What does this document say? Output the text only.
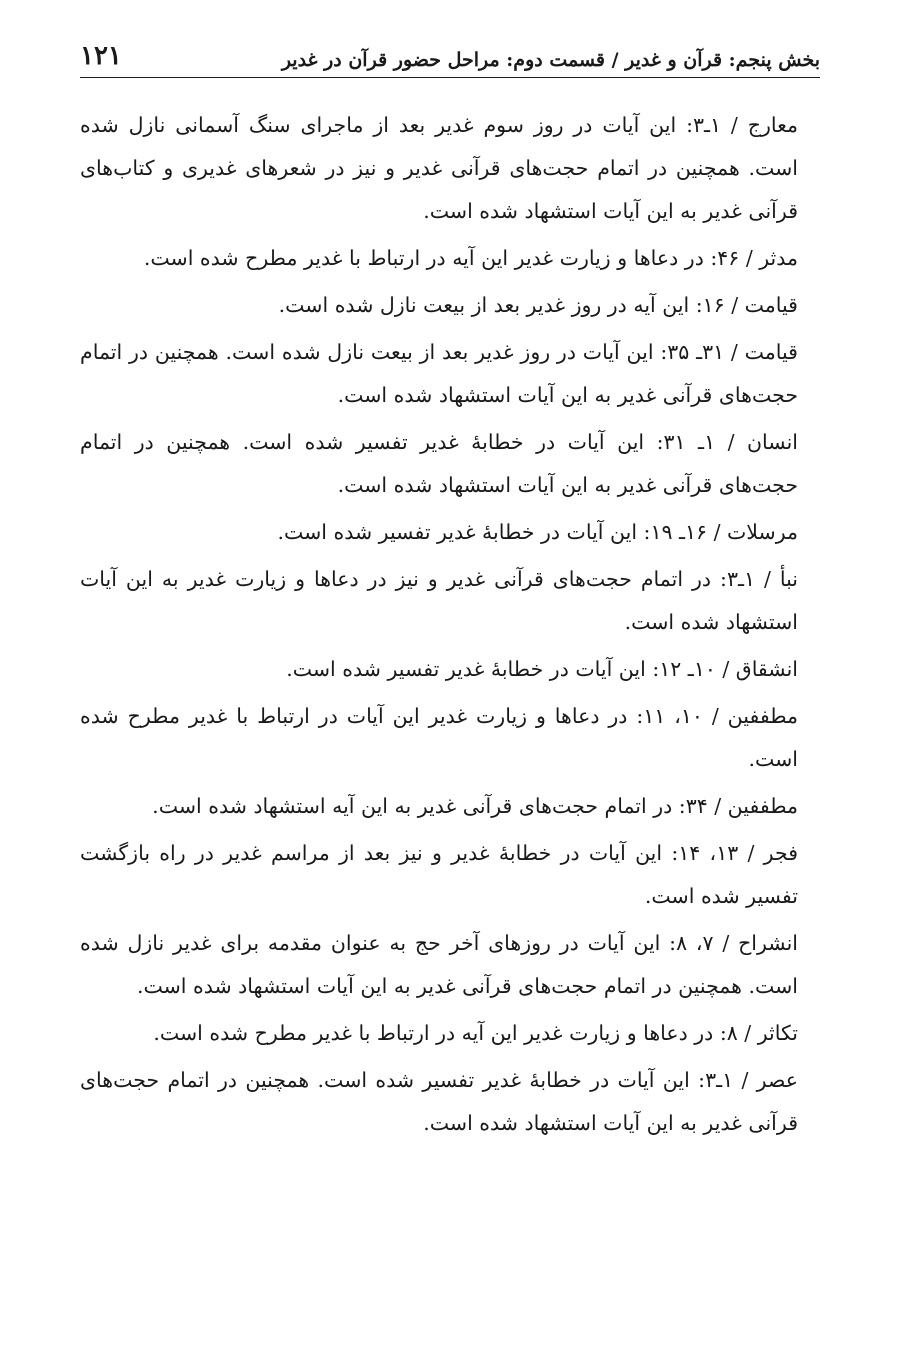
بخش پنجم: قرآن و غدیر / قسمت دوم: مراحل حضور قرآن در غدیر
۱۲۱

معارج / ۱ـ۳: این آیات در روز سوم غدیر بعد از ماجرای سنگ آسمانی نازل شده است. همچنین در اتمام حجت‌های قرآنی غدیر و نیز در شعرهای غدیری و کتاب‌های قرآنی غدیر به این آیات استشهاد شده است.

مدثر / ۴۶: در دعاها و زیارت غدیر این آیه در ارتباط با غدیر مطرح شده است.

قیامت / ۱۶: این آیه در روز غدیر بعد از بیعت نازل شده است.

قیامت / ۳۱ـ ۳۵: این آیات در روز غدیر بعد از بیعت نازل شده است. همچنین در اتمام حجت‌های قرآنی غدیر به این آیات استشهاد شده است.

انسان / ۱ـ ۳۱: این آیات در خطابهٔ غدیر تفسیر شده است. همچنین در اتمام حجت‌های قرآنی غدیر به این آیات استشهاد شده است.

مرسلات / ۱۶ـ ۱۹: این آیات در خطابهٔ غدیر تفسیر شده است.

نبأ / ۱ـ۳: در اتمام حجت‌های قرآنی غدیر و نیز در دعاها و زیارت غدیر به این آیات استشهاد شده است.

انشقاق / ۱۰ـ ۱۲: این آیات در خطابهٔ غدیر تفسیر شده است.

مطففین / ۱۰، ۱۱: در دعاها و زیارت غدیر این آیات در ارتباط با غدیر مطرح شده است.

مطففین / ۳۴: در اتمام حجت‌های قرآنی غدیر به این آیه استشهاد شده است.

فجر / ۱۳، ۱۴: این آیات در خطابهٔ غدیر و نیز بعد از مراسم غدیر در راه بازگشت تفسیر شده است.

انشراح / ۷، ۸: این آیات در روزهای آخر حج به عنوان مقدمه برای غدیر نازل شده است. همچنین در اتمام حجت‌های قرآنی غدیر به این آیات استشهاد شده است.

تکاثر / ۸: در دعاها و زیارت غدیر این آیه در ارتباط با غدیر مطرح شده است.

عصر / ۱ـ۳: این آیات در خطابهٔ غدیر تفسیر شده است. همچنین در اتمام حجت‌های قرآنی غدیر به این آیات استشهاد شده است.
